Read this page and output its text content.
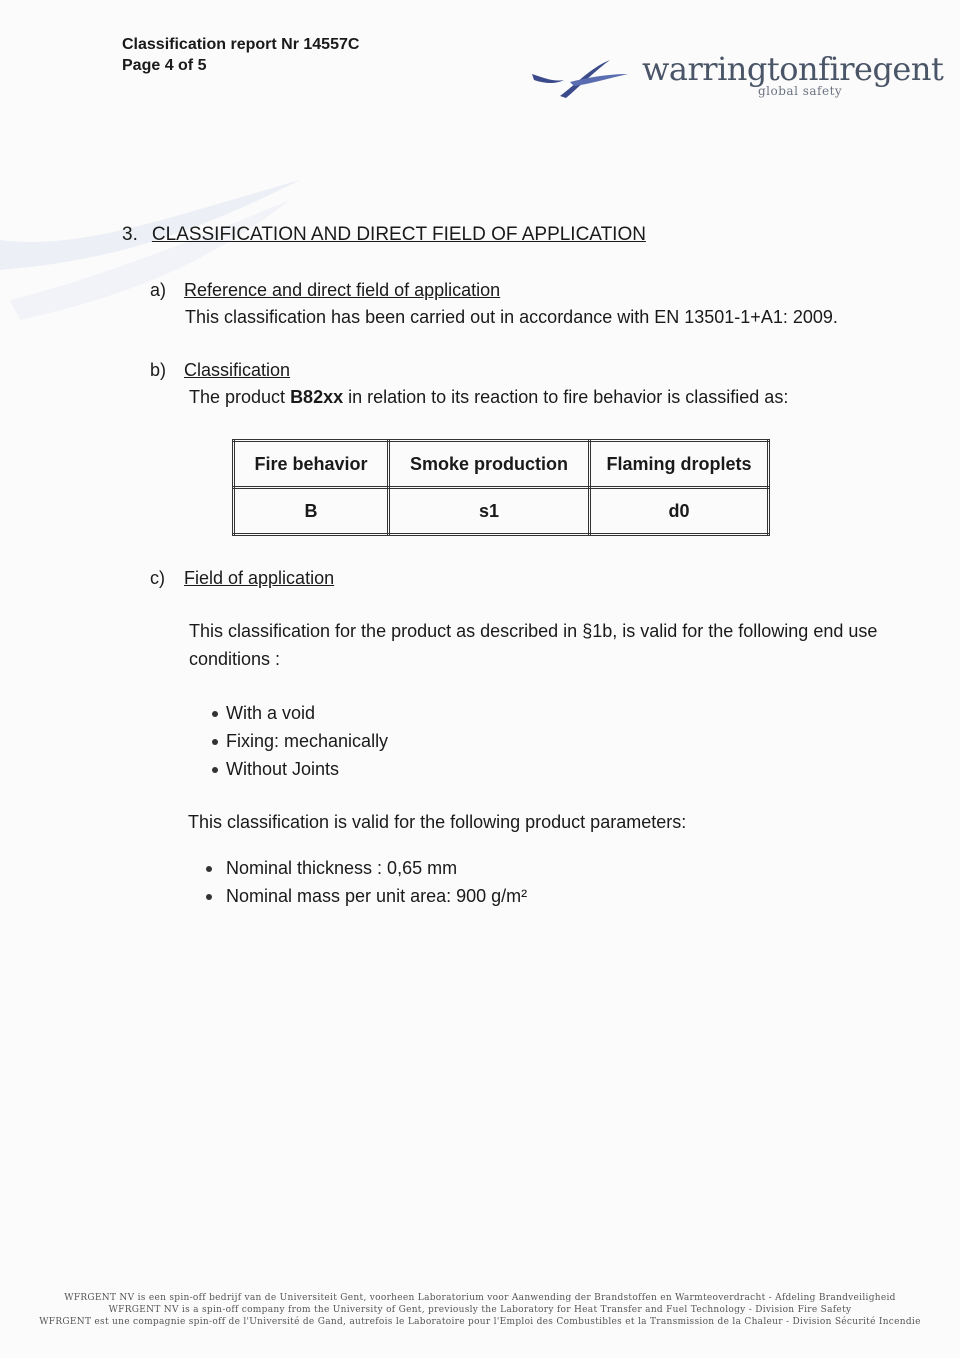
Classification report Nr 14557C
Page 4 of 5	warringtonfiregent
global safety
3. CLASSIFICATION AND DIRECT FIELD OF APPLICATION
a) Reference and direct field of application
This classification has been carried out in accordance with EN 13501-1+A1: 2009.
b) Classification
The product B82xx in relation to its reaction to fire behavior is classified as:
Fire behavior	Smoke production	Flaming droplets
B	s1	d0
c) Field of application
This classification for the product as described in §1b, is valid for the following end use conditions :
With a void
Fixing: mechanically
Without Joints
This classification is valid for the following product parameters:
Nominal thickness : 0,65 mm
Nominal mass per unit area: 900 g/m²
WFRGENT NV is een spin-off bedrijf van de Universiteit Gent, voorheen Laboratorium voor Aanwending der Brandstoffen en Warmteoverdracht - Afdeling Brandveiligheid
WFRGENT NV is a spin-off company from the University of Gent, previously the Laboratory for Heat Transfer and Fuel Technology - Division Fire Safety
WFRGENT est une compagnie spin-off de l'Université de Gand, autrefois le Laboratoire pour l'Emploi des Combustibles et la Transmission de la Chaleur - Division Sécurité Incendie
